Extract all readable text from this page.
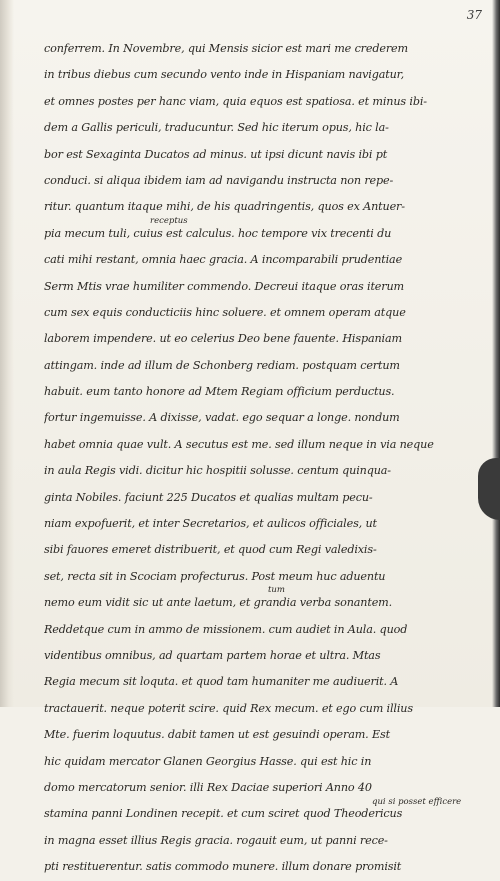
37
receptus
tum
qui si posset efficere
conferrem. In Novembre, qui Mensis sicior est mari me crederem
in tribus diebus cum secundo vento inde in Hispaniam navigatur,
et omnes postes per hanc viam, quia equos est spatiosa. et minus ibi-
dem a Gallis periculi, traducuntur. Sed hic iterum opus, hic la-
bor est Sexaginta Ducatos ad minus. ut ipsi dicunt navis ibi pt
conduci. si aliqua ibidem iam ad navigandu instructa non repe-
ritur. quantum itaque mihi, de his quadringentis, quos ex Antuer-
pia mecum tuli, cuius est calculus. hoc tempore vix trecenti du
cati mihi restant, omnia haec gracia. A incomparabili prudentiae
Serm Mtis vrae humiliter commendo. Decreui itaque oras iterum
cum sex equis conducticiis hinc soluere. et omnem operam atque
laborem impendere. ut eo celerius Deo bene fauente. Hispaniam
attingam. inde ad illum de Schonberg rediam. postquam certum
habuit. eum tanto honore ad Mtem Regiam officium perductus.
fortur ingemuisse. A dixisse, vadat. ego sequar a longe. nondum
habet omnia quae vult. A secutus est me. sed illum neque in via neque
in aula Regis vidi. dicitur hic hospitii solusse. centum quinqua-
ginta Nobiles. faciunt 225 Ducatos et qualias multam pecu-
niam expofuerit, et inter Secretarios, et aulicos officiales, ut
sibi fauores emeret distribuerit, et quod cum Regi valedixis-
set, recta sit in Scociam profecturus. Post meum huc aduentu
nemo eum vidit sic ut ante laetum, et grandia verba sonantem.
Reddetque cum in ammo de missionem. cum audiet in Aula. quod
videntibus omnibus, ad quartam partem horae et ultra. Mtas
Regia mecum sit loquta. et quod tam humaniter me audiuerit. A
tractauerit. neque poterit scire. quid Rex mecum. et ego cum illius
Mte. fuerim loquutus. dabit tamen ut est gesuindi operam. Est
hic quidam mercator Glanen Georgius Hasse. qui est hic in
domo mercatorum senior. illi Rex Daciae superiori Anno 40
stamina panni Londinen recepit. et cum sciret quod Theodericus
in magna esset illius Regis gracia. rogauit eum, ut panni rece-
pti restituerentur. satis commodo munere. illum donare promisit
